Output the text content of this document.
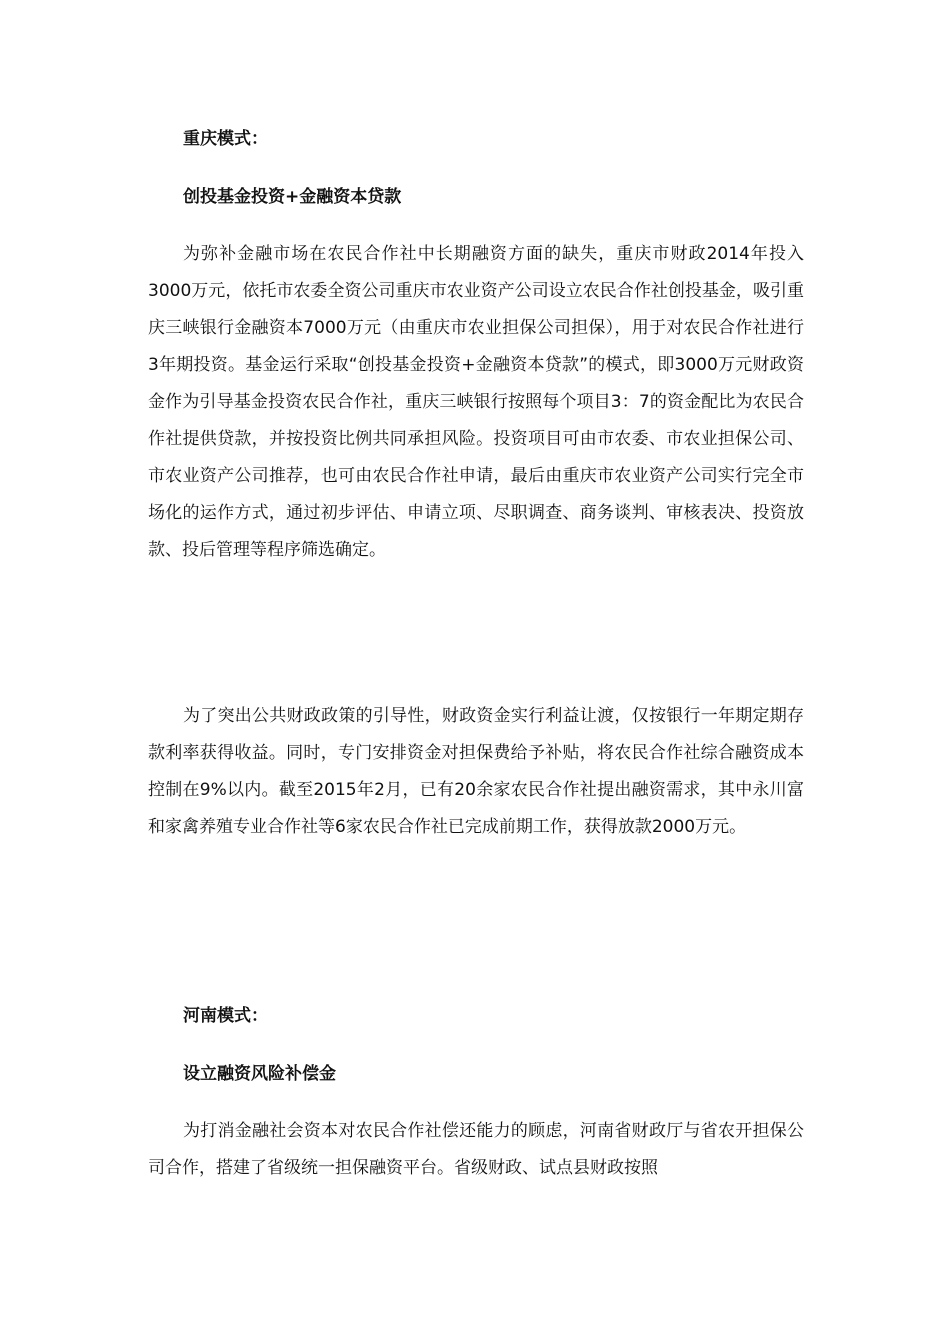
重庆模式：
创投基金投资+金融资本贷款

为弥补金融市场在农民合作社中长期融资方面的缺失，重庆市财政2014年投入3000万元，依托市农委全资公司重庆市农业资产公司设立农民合作社创投基金，吸引重庆三峡银行金融资本7000万元（由重庆市农业担保公司担保），用于对农民合作社进行3年期投资。基金运行采取“创投基金投资+金融资本贷款”的模式，即3000万元财政资金作为引导基金投资农民合作社，重庆三峡银行按照每个项目3：7的资金配比为农民合作社提供贷款，并按投资比例共同承担风险。投资项目可由市农委、市农业担保公司、市农业资产公司推荐，也可由农民合作社申请，最后由重庆市农业资产公司实行完全市场化的运作方式，通过初步评估、申请立项、尽职调查、商务谈判、审核表决、投资放款、投后管理等程序筛选确定。

为了突出公共财政政策的引导性，财政资金实行利益让渡，仅按银行一年期定期存款利率获得收益。同时，专门安排资金对担保费给予补贴，将农民合作社综合融资成本控制在9%以内。截至2015年2月，已有20余家农民合作社提出融资需求，其中永川富和家禽养殖专业合作社等6家农民合作社已完成前期工作，获得放款2000万元。

河南模式：
设立融资风险补偿金

为打消金融社会资本对农民合作社偿还能力的顾虑，河南省财政厅与省农开担保公司合作，搭建了省级统一担保融资平台。省级财政、试点县财政按照
